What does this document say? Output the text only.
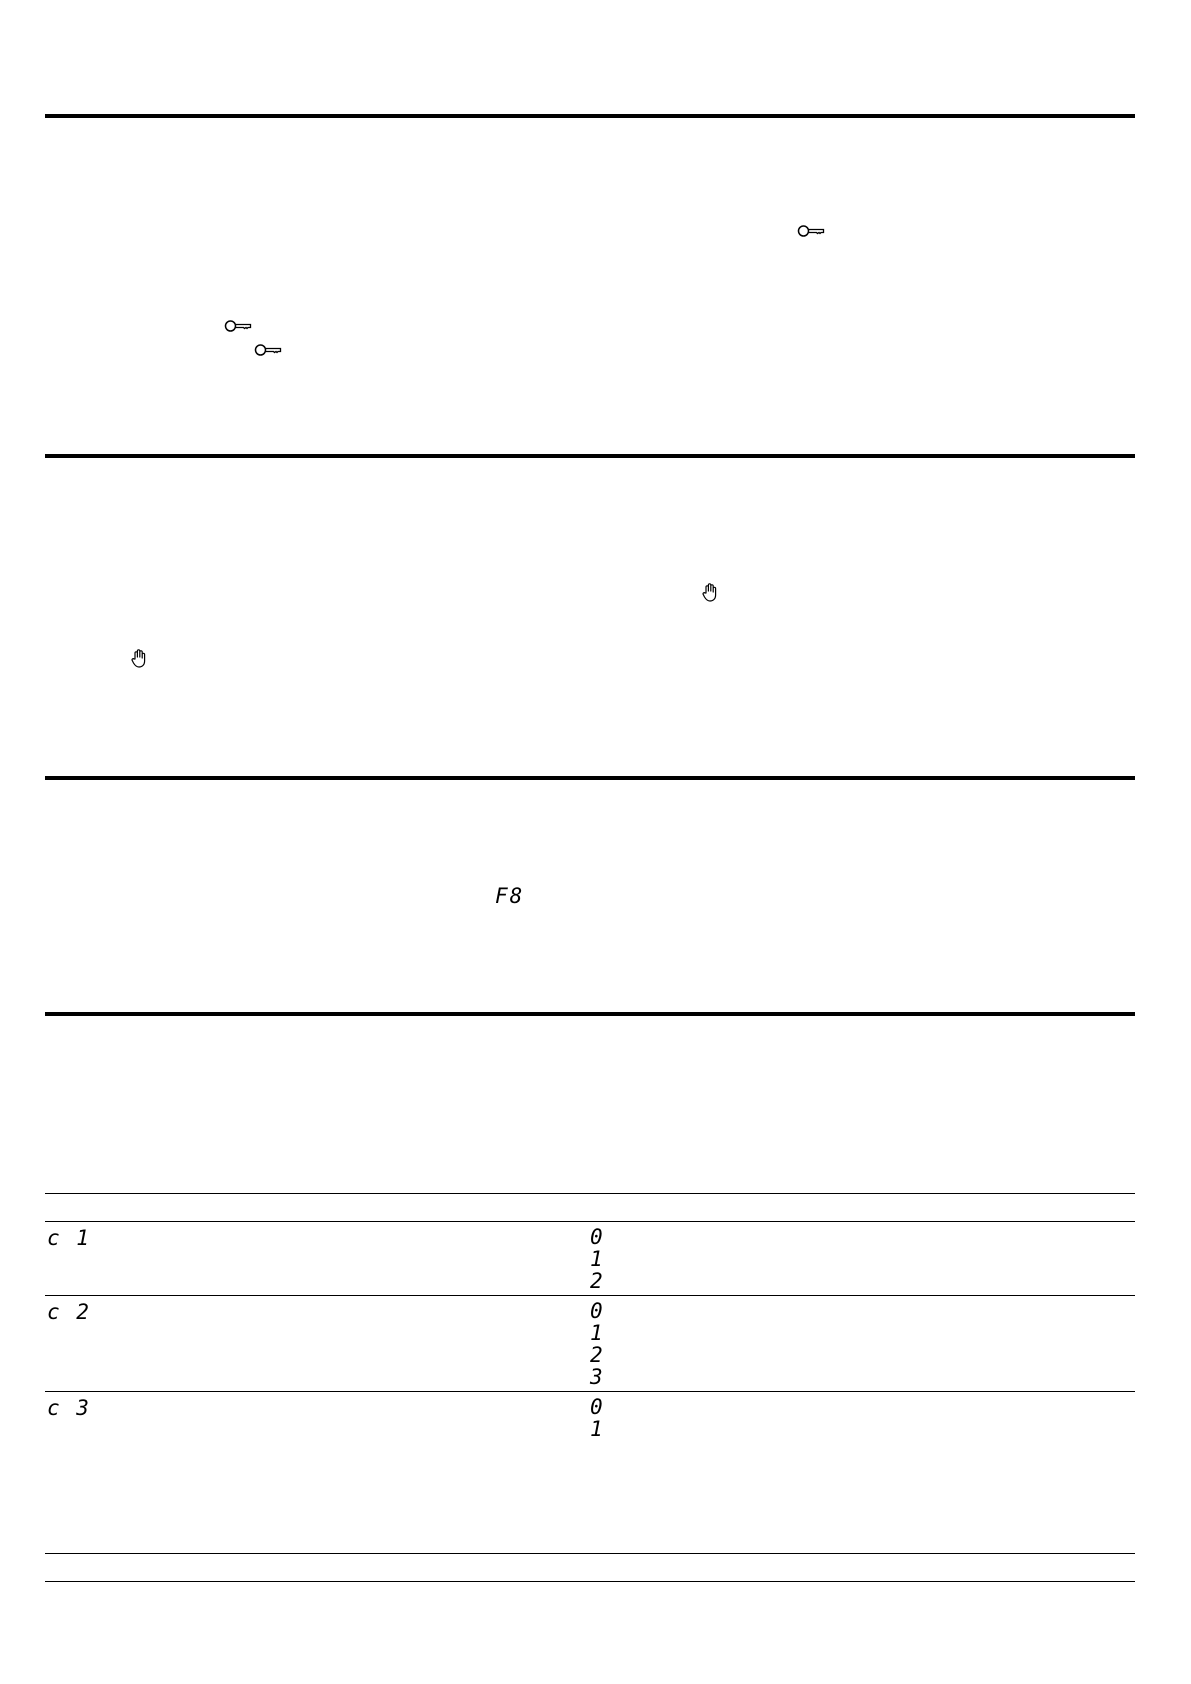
F8
c 1	0
1
2
c 2	0
1
2
3
c 3	0
1
